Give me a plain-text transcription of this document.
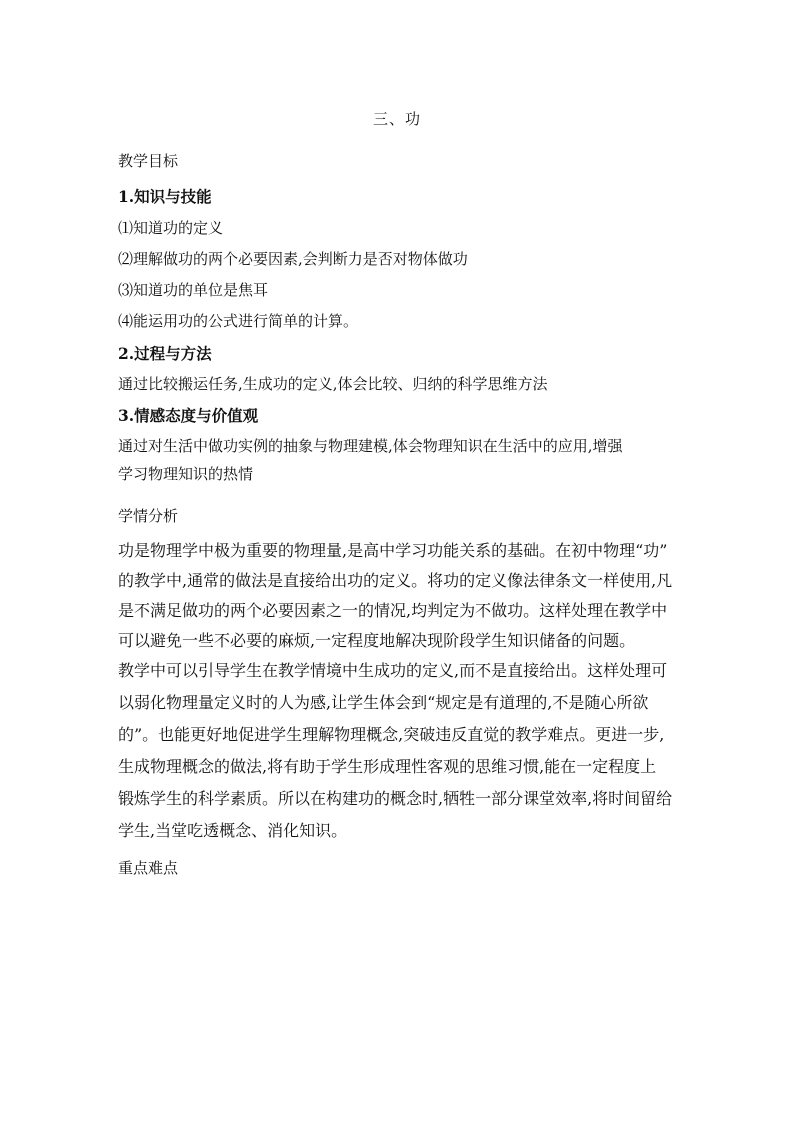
三、功
教学目标
1.知识与技能
⑴知道功的定义
⑵理解做功的两个必要因素,会判断力是否对物体做功
⑶知道功的单位是焦耳
⑷能运用功的公式进行简单的计算。
2.过程与方法
通过比较搬运任务,生成功的定义,体会比较、归纳的科学思维方法
3.情感态度与价值观
通过对生活中做功实例的抽象与物理建模,体会物理知识在生活中的应用,增强
学习物理知识的热情
学情分析
功是物理学中极为重要的物理量,是高中学习功能关系的基础。在初中物理“功”
的教学中,通常的做法是直接给出功的定义。将功的定义像法律条文一样使用,凡
是不满足做功的两个必要因素之一的情况,均判定为不做功。这样处理在教学中
可以避免一些不必要的麻烦,一定程度地解决现阶段学生知识储备的问题。
教学中可以引导学生在教学情境中生成功的定义,而不是直接给出。这样处理可
以弱化物理量定义时的人为感,让学生体会到“规定是有道理的,不是随心所欲
的”。也能更好地促进学生理解物理概念,突破违反直觉的教学难点。更进一步,
生成物理概念的做法,将有助于学生形成理性客观的思维习惯,能在一定程度上
锻炼学生的科学素质。所以在构建功的概念时,牺牲一部分课堂效率,将时间留给
学生,当堂吃透概念、消化知识。
重点难点
